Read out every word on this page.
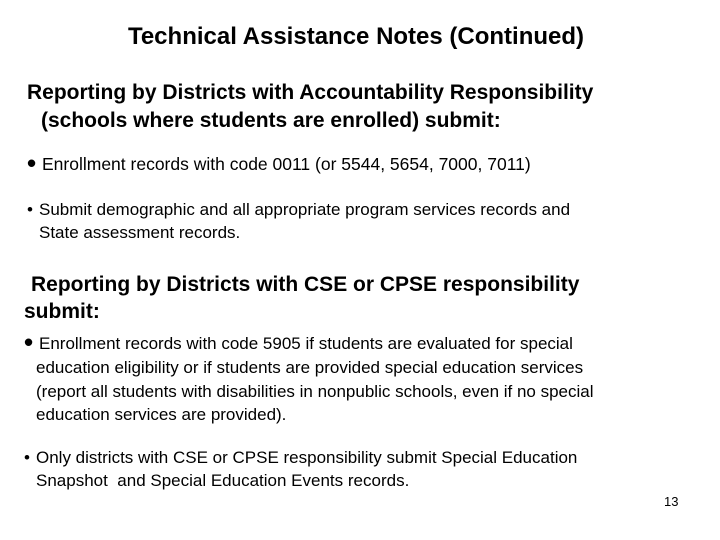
Technical Assistance Notes (Continued)
Reporting by Districts with Accountability Responsibility
(schools where students are enrolled) submit:
• Enrollment records with code 0011 (or 5544, 5654, 7000, 7011)
• Submit demographic and all appropriate program services records and
State assessment records.
Reporting by Districts with CSE or CPSE responsibility
submit:
• Enrollment records with code 5905 if students are evaluated for special
education eligibility or if students are provided special education services
(report all students with disabilities in nonpublic schools, even if no special
education services are provided).
• Only districts with CSE or CPSE responsibility submit Special Education
Snapshot  and Special Education Events records.
13
